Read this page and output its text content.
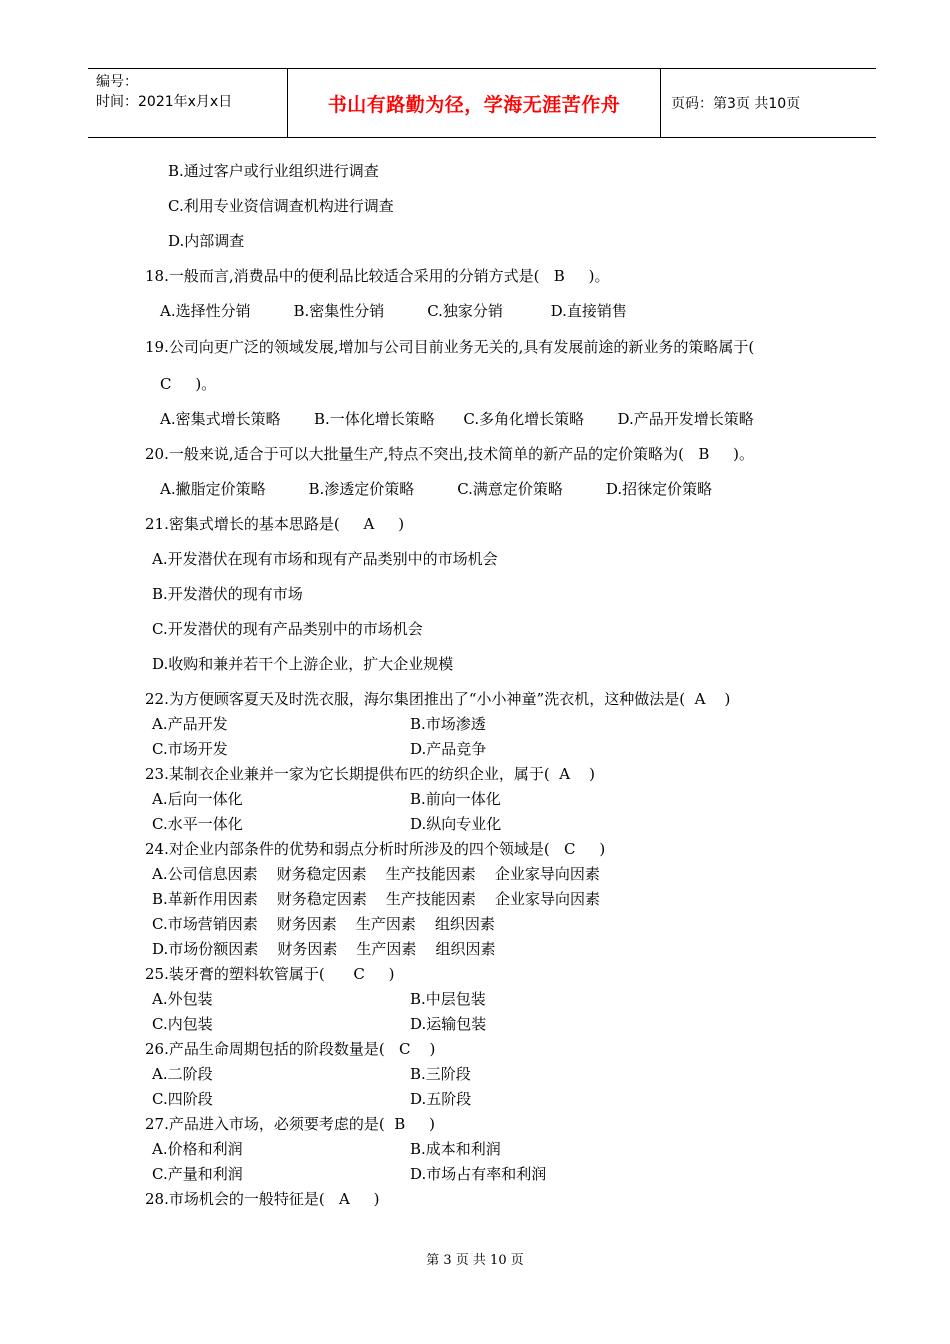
编号：
时间：2021年x月x日	书山有路勤为径，学海无涯苦作舟	页码：第3页 共10页
B.通过客户或行业组织进行调查
C.利用专业资信调查机构进行调查
D.内部调查
18.一般而言,消费品中的便利品比较适合采用的分销方式是(   B     )。
A.选择性分销         B.密集性分销         C.独家分销          D.直接销售
19.公司向更广泛的领域发展,增加与公司目前业务无关的,具有发展前途的新业务的策略属于(
C     )。
A.密集式增长策略       B.一体化增长策略      C.多角化增长策略       D.产品开发增长策略
20.一般来说,适合于可以大批量生产,特点不突出,技术简单的新产品的定价策略为(   B     )。
A.撇脂定价策略         B.渗透定价策略         C.满意定价策略         D.招徕定价策略
21.密集式增长的基本思路是(     A     )
A.开发潜伏在现有市场和现有产品类别中的市场机会
B.开发潜伏的现有市场
C.开发潜伏的现有产品类别中的市场机会
D.收购和兼并若干个上游企业，扩大企业规模
22.为方便顾客夏天及时洗衣服，海尔集团推出了“小小神童”洗衣机，这种做法是(  A    )
A.产品开发	B.市场渗透
C.市场开发	D.产品竞争
23.某制衣企业兼并一家为它长期提供布匹的纺织企业，属于(  A    )
A.后向一体化	B.前向一体化
C.水平一体化	D.纵向专业化
24.对企业内部条件的优势和弱点分析时所涉及的四个领域是(   C     )
A.公司信息因素    财务稳定因素    生产技能因素    企业家导向因素
B.革新作用因素    财务稳定因素    生产技能因素    企业家导向因素
C.市场营销因素    财务因素    生产因素    组织因素
D.市场份额因素    财务因素    生产因素    组织因素
25.装牙膏的塑料软管属于(      C     )
A.外包装	B.中层包装
C.内包装	D.运输包装
26.产品生命周期包括的阶段数量是(   C    )
A.二阶段	B.三阶段
C.四阶段	D.五阶段
27.产品进入市场，必须要考虑的是(  B     )
A.价格和利润	B.成本和利润
C.产量和利润	D.市场占有率和利润
28.市场机会的一般特征是(   A     )
第 3 页 共 10 页
